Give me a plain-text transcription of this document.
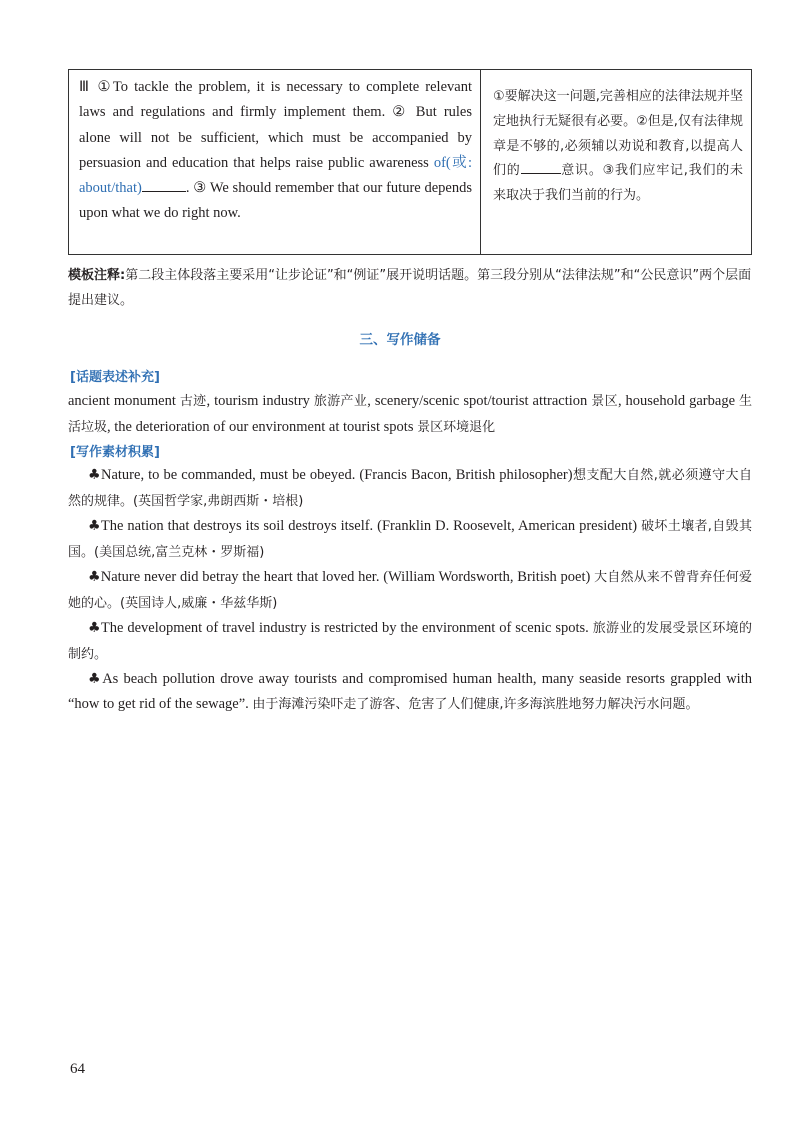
Ⅲ ①To tackle the problem, it is necessary to complete relevant laws and regulations and firmly implement them. ② But rules alone will not be sufficient, which must be accompanied by persuasion and education that helps raise public awareness of(或: about/that)	. ③ We should remember that our future depends upon what we do right now.
①要解决这一问题,完善相应的法律法规并坚定地执行无疑很有必要。②但是,仅有法律规章是不够的,必须辅以劝说和教育,以提高人们的	意识。③我们应牢记,我们的未来取决于我们当前的行为。
模板注释:第二段主体段落主要采用“让步论证”和“例证”展开说明话题。第三段分别从“法律法规”和“公民意识”两个层面提出建议。
三、写作储备
[话题表述补充]
ancient monument 古迹, tourism industry 旅游产业, scenery/scenic spot/tourist attraction 景区, household garbage 生活垃圾, the deterioration of our environment at tourist spots 景区环境退化
[写作素材积累]
♣Nature, to be commanded, must be obeyed. (Francis Bacon, British philosopher)想支配大自然,就必须遵守大自然的规律。(英国哲学家,弗朗西斯・培根)
♣The nation that destroys its soil destroys itself. (Franklin D. Roosevelt, American president) 破坏土壤者,自毁其国。(美国总统,富兰克林・罗斯福)
♣Nature never did betray the heart that loved her. (William Wordsworth, British poet) 大自然从来不曾背弃任何爱她的心。(英国诗人,威廉・华兹华斯)
♣The development of travel industry is restricted by the environment of scenic spots. 旅游业的发展受景区环境的制约。
♣As beach pollution drove away tourists and compromised human health, many seaside resorts grappled with “how to get rid of the sewage”. 由于海滩污染吓走了游客、危害了人们健康,许多海滨胜地努力解决污水问题。
64
